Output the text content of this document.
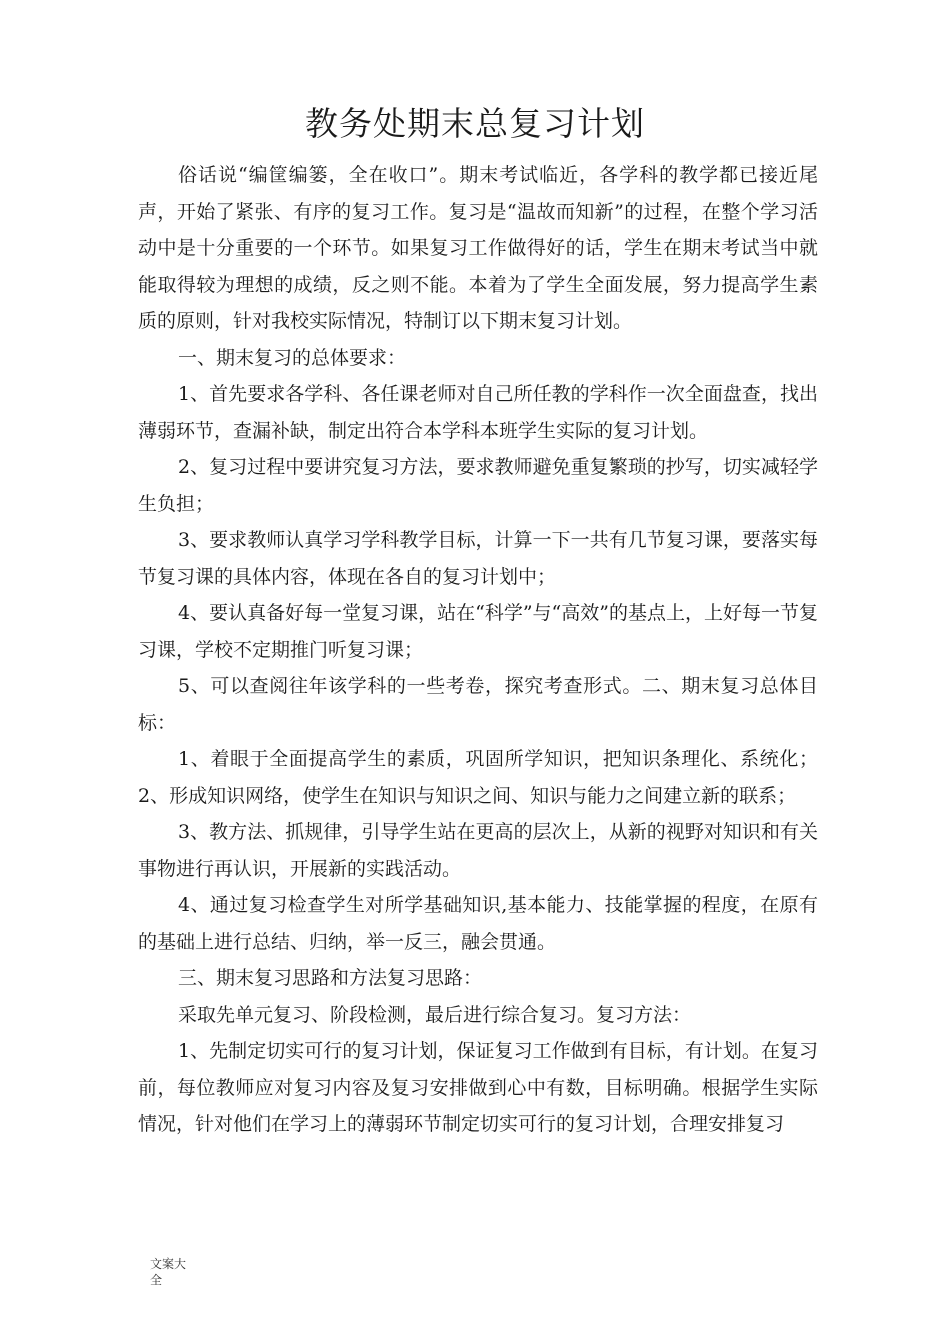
教务处期末总复习计划

俗话说“编筐编篓，全在收口”。期末考试临近，各学科的教学都已接近尾声，开始了紧张、有序的复习工作。复习是“温故而知新”的过程，在整个学习活动中是十分重要的一个环节。如果复习工作做得好的话，学生在期末考试当中就能取得较为理想的成绩，反之则不能。本着为了学生全面发展，努力提高学生素质的原则，针对我校实际情况，特制订以下期末复习计划。

一、期末复习的总体要求：

1、首先要求各学科、各任课老师对自己所任教的学科作一次全面盘查，找出薄弱环节，查漏补缺，制定出符合本学科本班学生实际的复习计划。

2、复习过程中要讲究复习方法，要求教师避免重复繁琐的抄写，切实减轻学生负担；

3、要求教师认真学习学科教学目标，计算一下一共有几节复习课，要落实每节复习课的具体内容，体现在各自的复习计划中；

4、要认真备好每一堂复习课，站在“科学”与“高效”的基点上，上好每一节复习课，学校不定期推门听复习课；

5、可以查阅往年该学科的一些考卷，探究考查形式。二、期末复习总体目标：

1、着眼于全面提高学生的素质，巩固所学知识，把知识条理化、系统化； 2、形成知识网络，使学生在知识与知识之间、知识与能力之间建立新的联系；

3、教方法、抓规律，引导学生站在更高的层次上，从新的视野对知识和有关事物进行再认识，开展新的实践活动。

4、通过复习检查学生对所学基础知识,基本能力、技能掌握的程度，在原有的基础上进行总结、归纳，举一反三，融会贯通。

三、期末复习思路和方法复习思路：

采取先单元复习、阶段检测，最后进行综合复习。复习方法：

1、先制定切实可行的复习计划，保证复习工作做到有目标，有计划。在复习前，每位教师应对复习内容及复习安排做到心中有数，目标明确。根据学生实际情况，针对他们在学习上的薄弱环节制定切实可行的复习计划，合理安排复习

文案大
全
